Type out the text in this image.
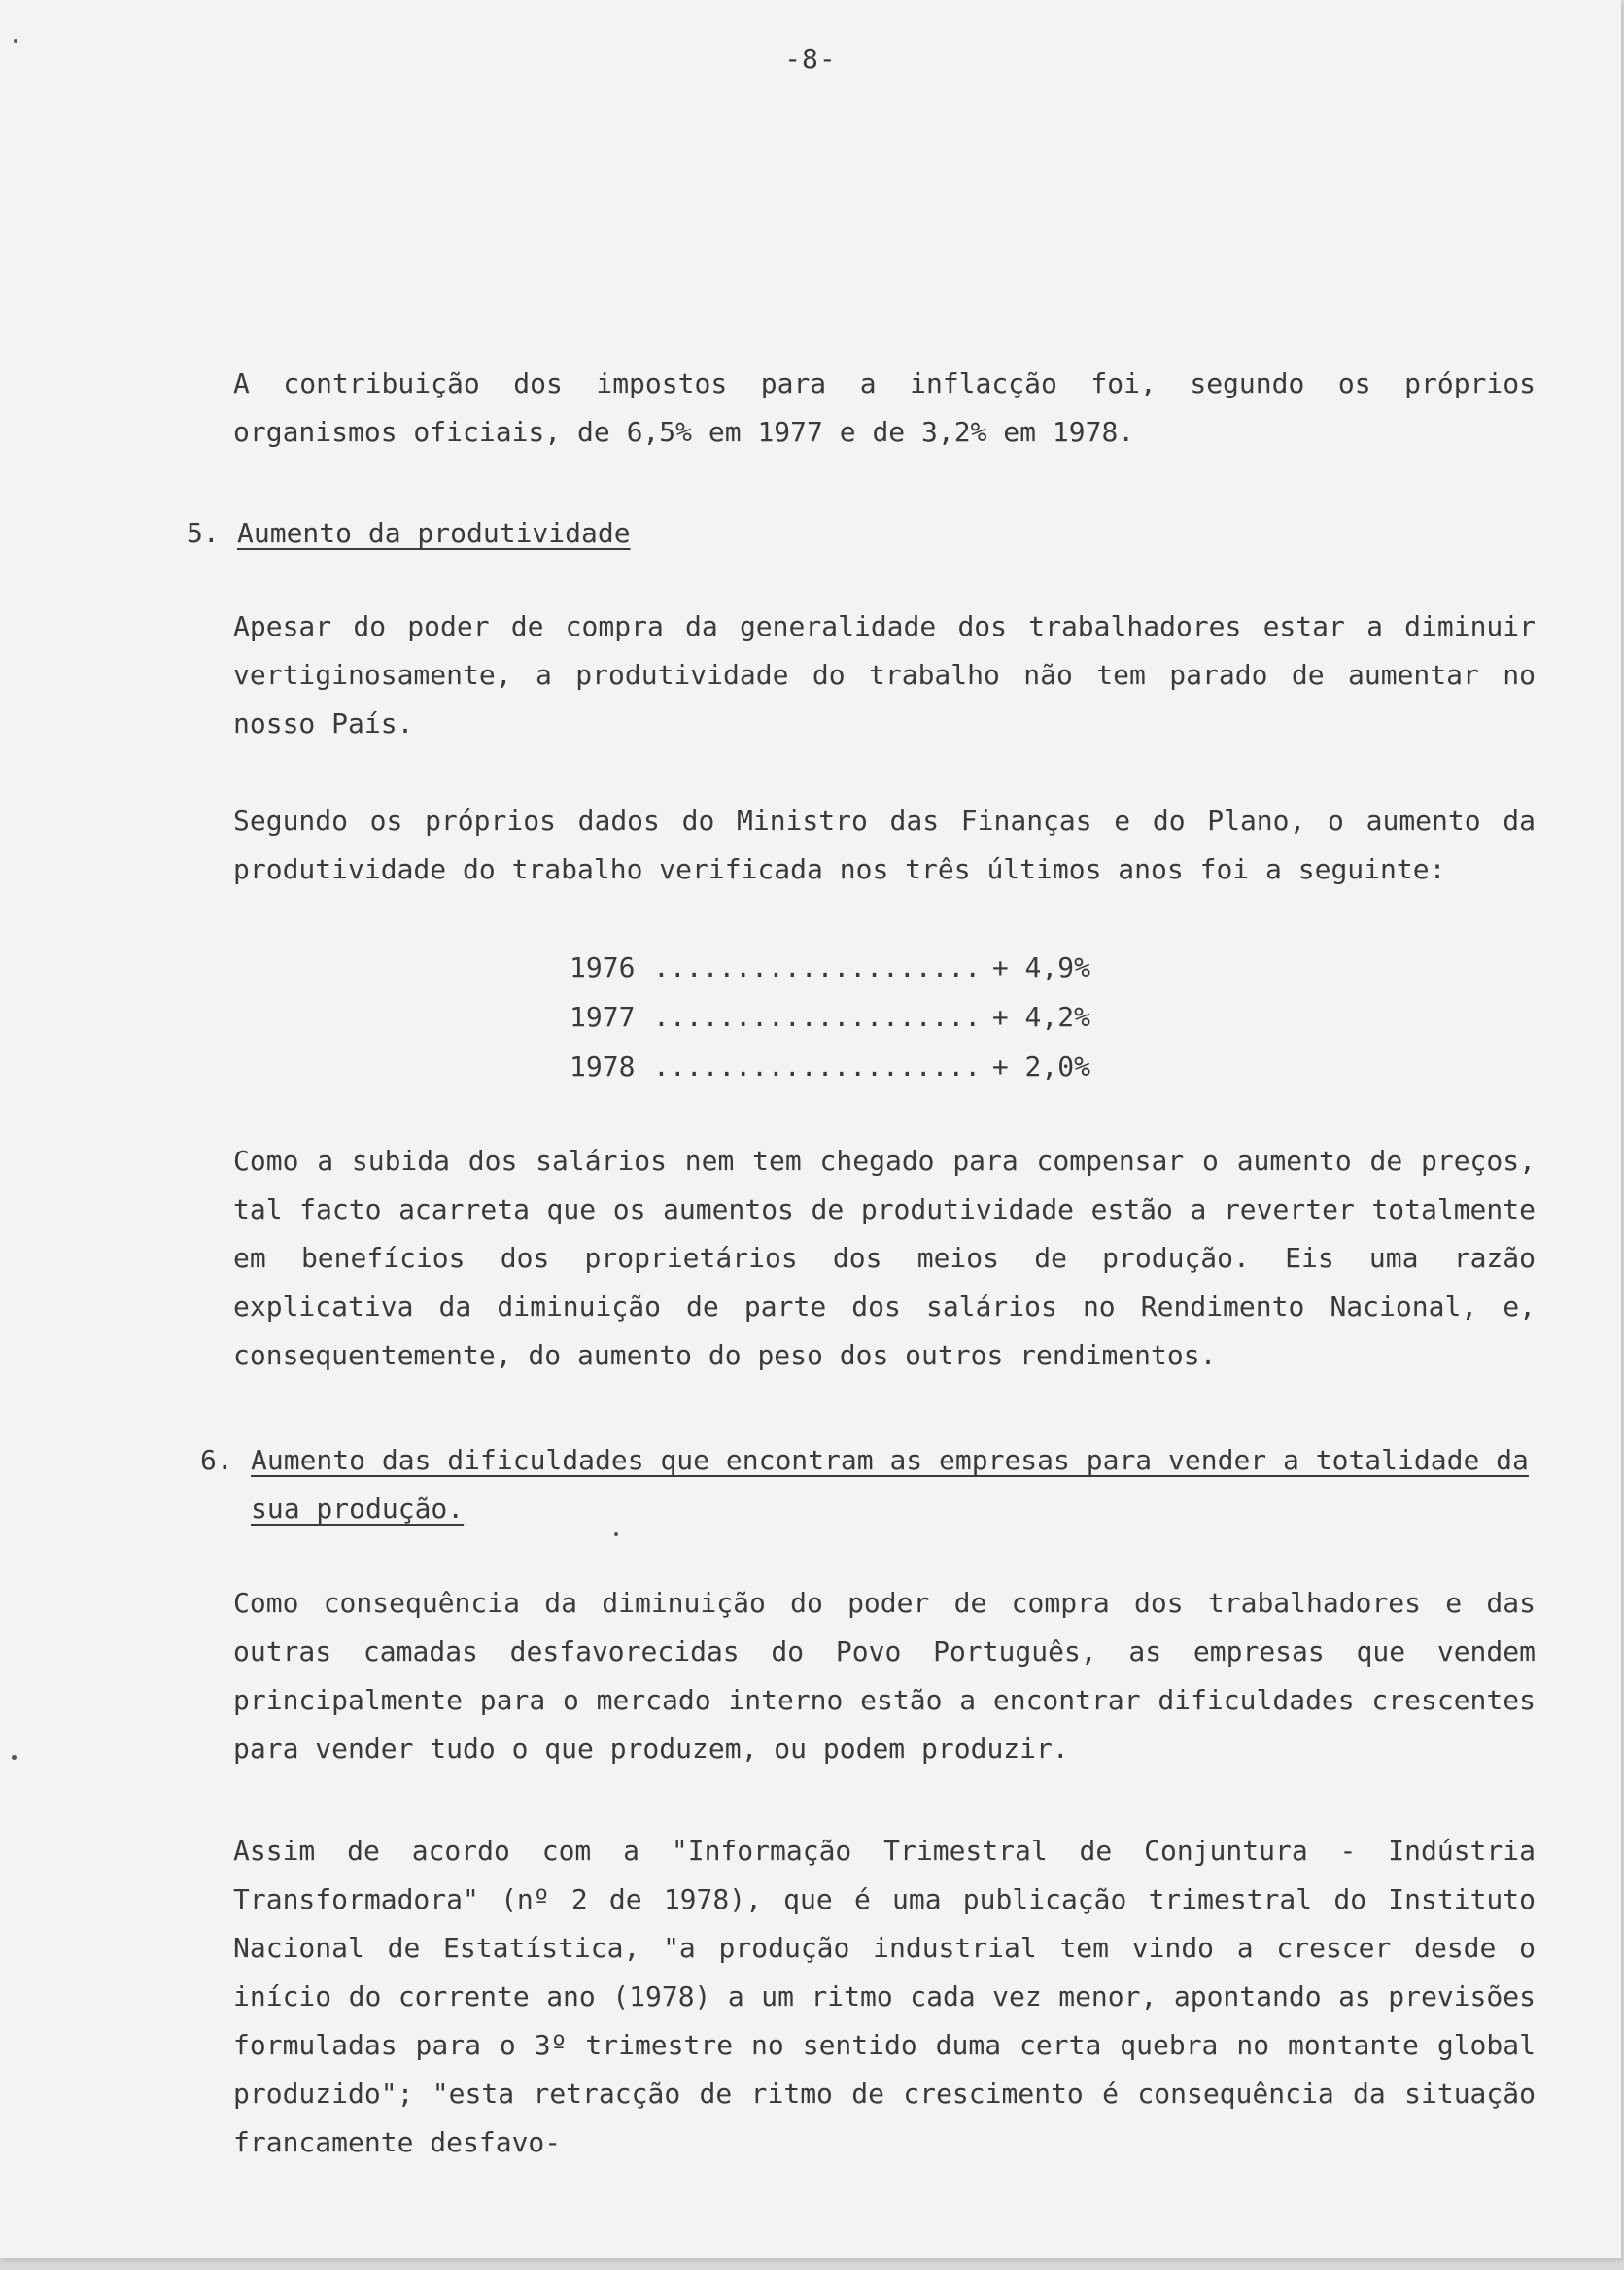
-8-

A contribuição dos impostos para a inflacção foi, segundo os próprios organismos oficiais, de 6,5% em 1977 e de 3,2% em 1978.

5. Aumento da produtividade

Apesar do poder de compra da generalidade dos trabalhadores estar a diminuir vertiginosamente, a produtividade do trabalho não tem parado de aumentar no nosso País.

Segundo os próprios dados do Ministro das Finanças e do Plano, o aumento da produtividade do trabalho verificada nos três últimos anos foi a seguinte:

1976 .................... + 4,9%
1977 .................... + 4,2%
1978 .................... + 2,0%

Como a subida dos salários nem tem chegado para compensar o aumento de preços, tal facto acarreta que os aumentos de produtividade estão a reverter totalmente em benefícios dos proprietários dos meios de produção. Eis uma razão explicativa da diminuição de parte dos salários no Rendimento Nacional, e, consequentemente, do aumento do peso dos outros rendimentos.

6. Aumento das dificuldades que encontram as empresas para vender a totalidade da sua produção.

Como consequência da diminuição do poder de compra dos trabalhadores e das outras camadas desfavorecidas do Povo Português, as empresas que vendem principalmente para o mercado interno estão a encontrar dificuldades crescentes para vender tudo o que produzem, ou podem produzir.

Assim de acordo com a "Informação Trimestral de Conjuntura - Indústria Transformadora" (nº 2 de 1978), que é uma publicação trimestral do Instituto Nacional de Estatística, "a produção industrial tem vindo a crescer desde o início do corrente ano (1978) a um ritmo cada vez menor, apontando as previsões formuladas para o 3º trimestre no sentido duma certa quebra no montante global produzido"; "esta retracção de ritmo de crescimento é consequência da situação francamente desfavo-
